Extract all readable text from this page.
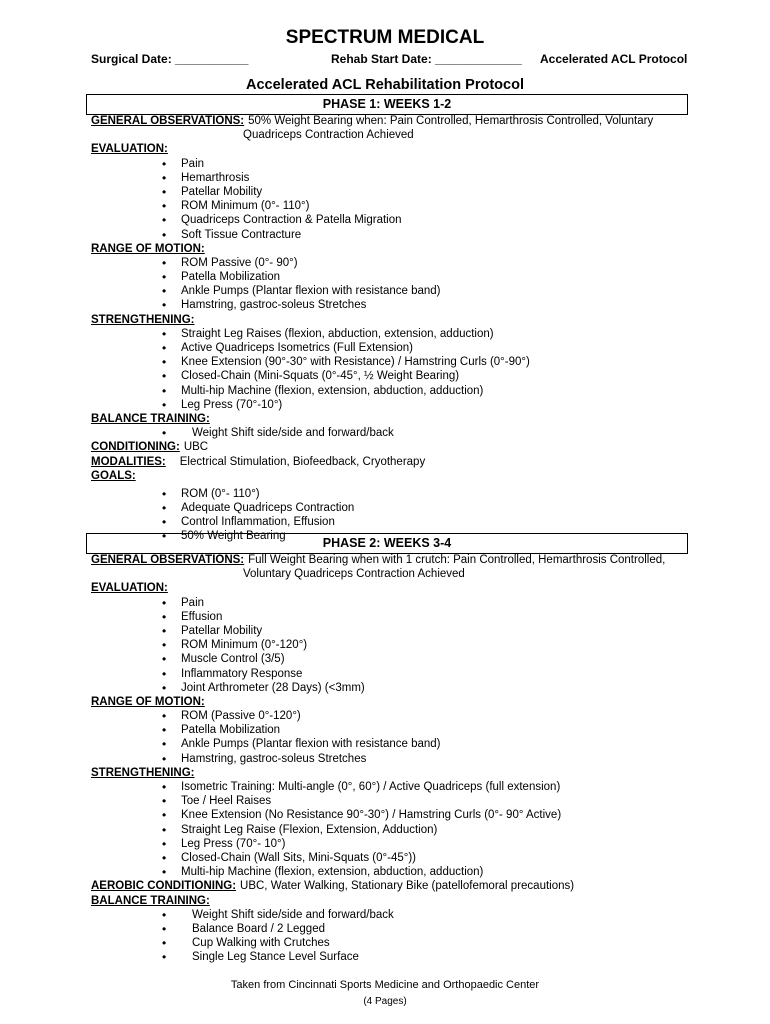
SPECTRUM MEDICAL
Surgical Date: ___________	Rehab Start Date: _____________ Accelerated ACL Protocol
Accelerated ACL Rehabilitation Protocol
PHASE 1: WEEKS 1-2
GENERAL OBSERVATIONS: 50% Weight Bearing when: Pain Controlled, Hemarthrosis Controlled, Voluntary
Quadriceps Contraction Achieved
EVALUATION:
• Pain
• Hemarthrosis
• Patellar Mobility
• ROM Minimum (0°- 110°)
• Quadriceps Contraction & Patella Migration
• Soft Tissue Contracture
RANGE OF MOTION:
• ROM Passive (0°- 90°)
• Patella Mobilization
• Ankle Pumps (Plantar flexion with resistance band)
• Hamstring, gastroc-soleus Stretches
STRENGTHENING:
• Straight Leg Raises (flexion, abduction, extension, adduction)
• Active Quadriceps Isometrics (Full Extension)
• Knee Extension (90°-30° with Resistance) / Hamstring Curls (0°-90°)
• Closed-Chain (Mini-Squats (0°-45°, ½ Weight Bearing)
• Multi-hip Machine (flexion, extension, abduction, adduction)
• Leg Press (70°-10°)
BALANCE TRAINING:
• Weight Shift side/side and forward/back
CONDITIONING: UBC
MODALITIES: Electrical Stimulation, Biofeedback, Cryotherapy
GOALS:
• ROM (0°- 110°)
• Adequate Quadriceps Contraction
• Control Inflammation, Effusion
• 50% Weight Bearing	PHASE 2: WEEKS 3-4
GENERAL OBSERVATIONS: Full Weight Bearing when with 1 crutch: Pain Controlled, Hemarthrosis Controlled,
Voluntary Quadriceps Contraction Achieved
EVALUATION:
• Pain
• Effusion
• Patellar Mobility
• ROM Minimum (0°-120°)
• Muscle Control (3/5)
• Inflammatory Response
• Joint Arthrometer (28 Days) (<3mm)
RANGE OF MOTION:
• ROM (Passive 0°-120°)
• Patella Mobilization
• Ankle Pumps (Plantar flexion with resistance band)
• Hamstring, gastroc-soleus Stretches
STRENGTHENING:
• Isometric Training: Multi-angle (0°, 60°) / Active Quadriceps (full extension)
• Toe / Heel Raises
• Knee Extension (No Resistance 90°-30°) / Hamstring Curls (0°- 90° Active)
• Straight Leg Raise (Flexion, Extension, Adduction)
• Leg Press (70°- 10°)
• Closed-Chain (Wall Sits, Mini-Squats (0°-45°))
• Multi-hip Machine (flexion, extension, abduction, adduction)
AEROBIC CONDITIONING: UBC, Water Walking, Stationary Bike (patellofemoral precautions)
BALANCE TRAINING:
• Weight Shift side/side and forward/back
• Balance Board / 2 Legged
• Cup Walking with Crutches
• Single Leg Stance Level Surface
Taken from Cincinnati Sports Medicine and Orthopaedic Center
(4 Pages)
